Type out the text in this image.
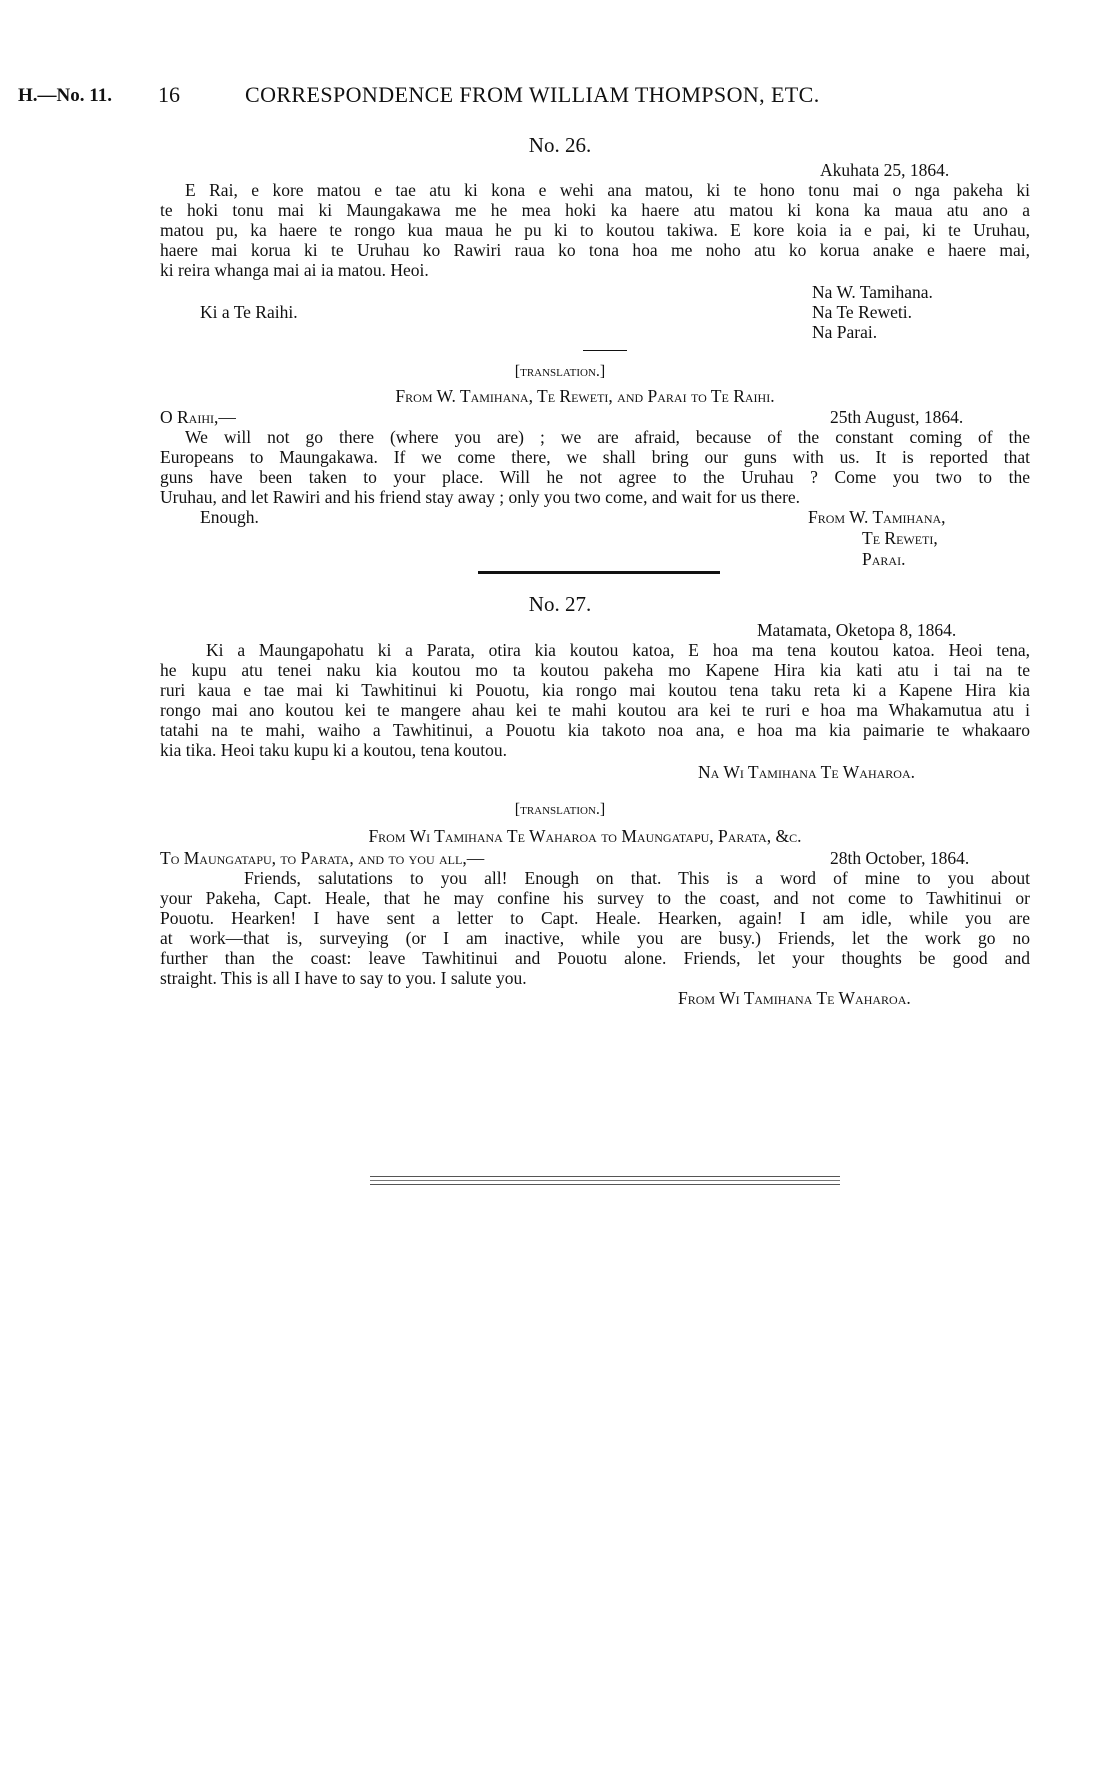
H.—No. 11. 16	CORRESPONDENCE FROM WILLIAM THOMPSON, ETC.
No. 26.
Akuhata 25, 1864.
E Rai, e kore matou e tae atu ki kona e wehi ana matou, ki te hono tonu mai o nga pakeha ki
te hoki tonu mai ki Maungakawa me he mea hoki ka haere atu matou ki kona ka maua atu ano a
matou pu, ka haere te rongo kua maua he pu ki to koutou takiwa. E kore koia ia e pai, ki te Uruhau,
haere mai korua ki te Uruhau ko Rawiri raua ko tona hoa me noho atu ko korua anake e haere mai,
ki reira whanga mai ai ia matou. Heoi.
Na W. Tamihana.
Ki a Te Raihi.	Na Te Reweti.
Na Parai.
[translation.]
From W. Tamihana, Te Reweti, and Parai to Te Raihi.
O Raihi,—	25th August, 1864.
We will not go there (where you are) ; we are afraid, because of the constant coming of the
Europeans to Maungakawa. If we come there, we shall bring our guns with us. It is reported that
guns have been taken to your place. Will he not agree to the Uruhau ? Come you two to the
Uruhau, and let Rawiri and his friend stay away ; only you two come, and wait for us there.
Enough.	From W. Tamihana,
Te Reweti,
Parai.
No. 27.
Matamata, Oketopa 8, 1864.
Ki a Maungapohatu ki a Parata, otira kia koutou katoa, E hoa ma tena koutou katoa. Heoi tena,
he kupu atu tenei naku kia koutou mo ta koutou pakeha mo Kapene Hira kia kati atu i tai na te
ruri kaua e tae mai ki Tawhitinui ki Pouotu, kia rongo mai koutou tena taku reta ki a Kapene Hira kia
rongo mai ano koutou kei te mangere ahau kei te mahi koutou ara kei te ruri e hoa ma Whakamutua atu i
tatahi na te mahi, waiho a Tawhitinui, a Pouotu kia takoto noa ana, e hoa ma kia paimarie te whakaaro
kia tika. Heoi taku kupu ki a koutou, tena koutou.
Na Wi Tamihana Te Waharoa.
[translation.]
From Wi Tamihana Te Waharoa to Maungatapu, Parata, &c.
To Maungatapu, to Parata, and to you all,—	28th October, 1864.
Friends, salutations to you all! Enough on that. This is a word of mine to you about
your Pakeha, Capt. Heale, that he may confine his survey to the coast, and not come to Tawhitinui or
Pouotu. Hearken! I have sent a letter to Capt. Heale. Hearken, again! I am idle, while you are
at work—that is, surveying (or I am inactive, while you are busy.) Friends, let the work go no
further than the coast: leave Tawhitinui and Pouotu alone. Friends, let your thoughts be good and
straight. This is all I have to say to you. I salute you.
From Wi Tamihana Te Waharoa.
